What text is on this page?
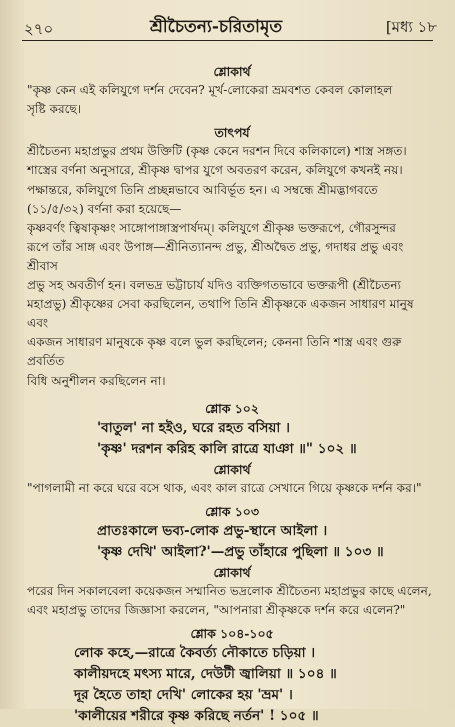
২৭০	শ্রীচৈতন্য-চরিতামৃত	[মধ্য ১৮

শ্লোকার্থ

"কৃষ্ণ কেন এই কলিযুগে দর্শন দেবেন? মূর্খ-লোকেরা ভ্রমবশত কেবল কোলাহল

সৃষ্টি করছে।

তাৎপর্য

শ্রীচৈতন্য মহাপ্রভুর প্রথম উক্তিটি (কৃষ্ণ কেনে দরশন দিবে কলিকালে) শাস্ত্র সঙ্গত।

শাস্ত্রের বর্ণনা অনুসারে, শ্রীকৃষ্ণ দ্বাপর যুগে অবতরণ করেন, কলিযুগে কখনই নয়।

পক্ষান্তরে, কলিযুগে তিনি প্রচ্ছন্নভাবে আবির্ভূত হন। এ সম্বন্ধে শ্রীমদ্ভাগবতে

(১১/৫/৩২) বর্ণনা করা হয়েছে—

কৃষ্ণবর্ণং ত্বিষাকৃষ্ণং সাঙ্গোপাঙ্গাস্ত্রপার্ষদম্। কলিযুগে শ্রীকৃষ্ণ ভক্তরূপে, গৌরসুন্দর

রূপে তাঁর সাঙ্গ এবং উপাঙ্গ—শ্রীনিত্যানন্দ প্রভু, শ্রীঅদ্বৈত প্রভু, গদাধর প্রভু এবং শ্রীবাস

প্রভু সহ অবতীর্ণ হন। বলভদ্র ভট্টাচার্য যদিও ব্যক্তিগতভাবে ভক্তরূপী (শ্রীচৈতন্য

মহাপ্রভু) শ্রীকৃষ্ণের সেবা করছিলেন, তথাপি তিনি শ্রীকৃষ্ণকে একজন সাধারণ মানুষ এবং

একজন সাধারণ মানুষকে কৃষ্ণ বলে ভুল করছিলেন; কেননা তিনি শাস্ত্র এবং গুরু প্রবর্তিত

বিধি অনুশীলন করছিলেন না।

শ্লোক ১০২

'বাতুল' না হইও, ঘরে রহত বসিয়া ।

'কৃষ্ণ' দরশন করিহ কালি রাত্রে যাঞা ॥" ১০২ ॥

শ্লোকার্থ

"পাগলামী না করে ঘরে বসে থাক, এবং কাল রাত্রে সেখানে গিয়ে কৃষ্ণকে দর্শন কর।"

শ্লোক ১০৩

প্রাতঃকালে ভব্য-লোক প্রভু-স্থানে আইলা ।

'কৃষ্ণ দেখি' আইলা?'—প্রভু তাঁহারে পুছিলা ॥ ১০৩ ॥

শ্লোকার্থ

পরের দিন সকালবেলা কয়েকজন সম্মানিত ভদ্রলোক শ্রীচৈতন্য মহাপ্রভুর কাছে এলেন,

এবং মহাপ্রভু তাদের জিজ্ঞাসা করলেন, "আপনারা শ্রীকৃষ্ণকে দর্শন করে এলেন?"

শ্লোক ১০৪-১০৫

লোক কহে,—রাত্রে কৈবর্ত্য নৌকাতে চড়িয়া ।

কালীয়দহে মৎস্য মারে, দেউটী জ্বালিয়া ॥ ১০৪ ॥

দূর হৈতে তাহা দেখি' লোকের হয় 'ভ্রম' ।

'কালীয়ের শরীরে কৃষ্ণ করিছে নর্তন' ! ১০৫ ॥
